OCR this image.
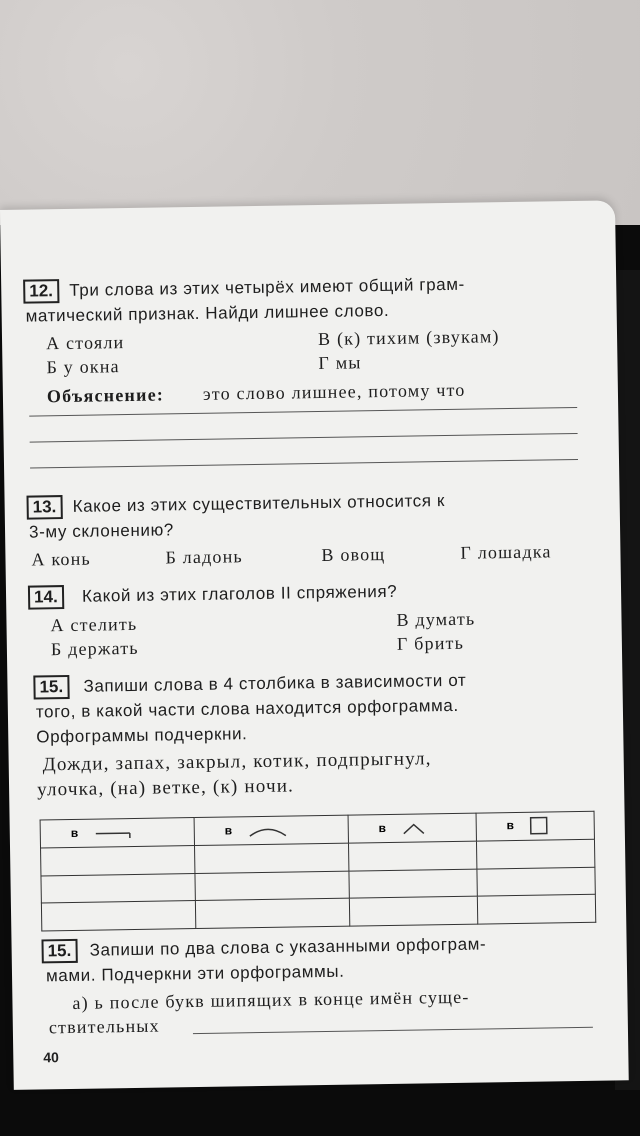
12. Три слова из этих четырёх имеют общий грам-
матический признак. Найди лишнее слово.
А стояли	В (к) тихим (звукам)
Б у окна	Г мы
Объяснение: это слово лишнее, потому что
13. Какое из этих существительных относится к
3-му склонению?
А конь	Б ладонь	В овощ	Г лошадка
14.	Какой из этих глаголов II спряжения?
А стелить	В думать
Б держать	Г брить
15.	Запиши слова в 4 столбика в зависимости от
того, в какой части слова находится орфограмма.
Орфограммы подчеркни.
Дожди, запах, закрыл, котик, подпрыгнул,
улочка, (на) ветке, (к) ночи.
в	в	в	в

15.	Запиши по два слова с указанными орфограм-
мами. Подчеркни эти орфограммы.
а) ь после букв шипящих в конце имён суще-
ствительных
40
